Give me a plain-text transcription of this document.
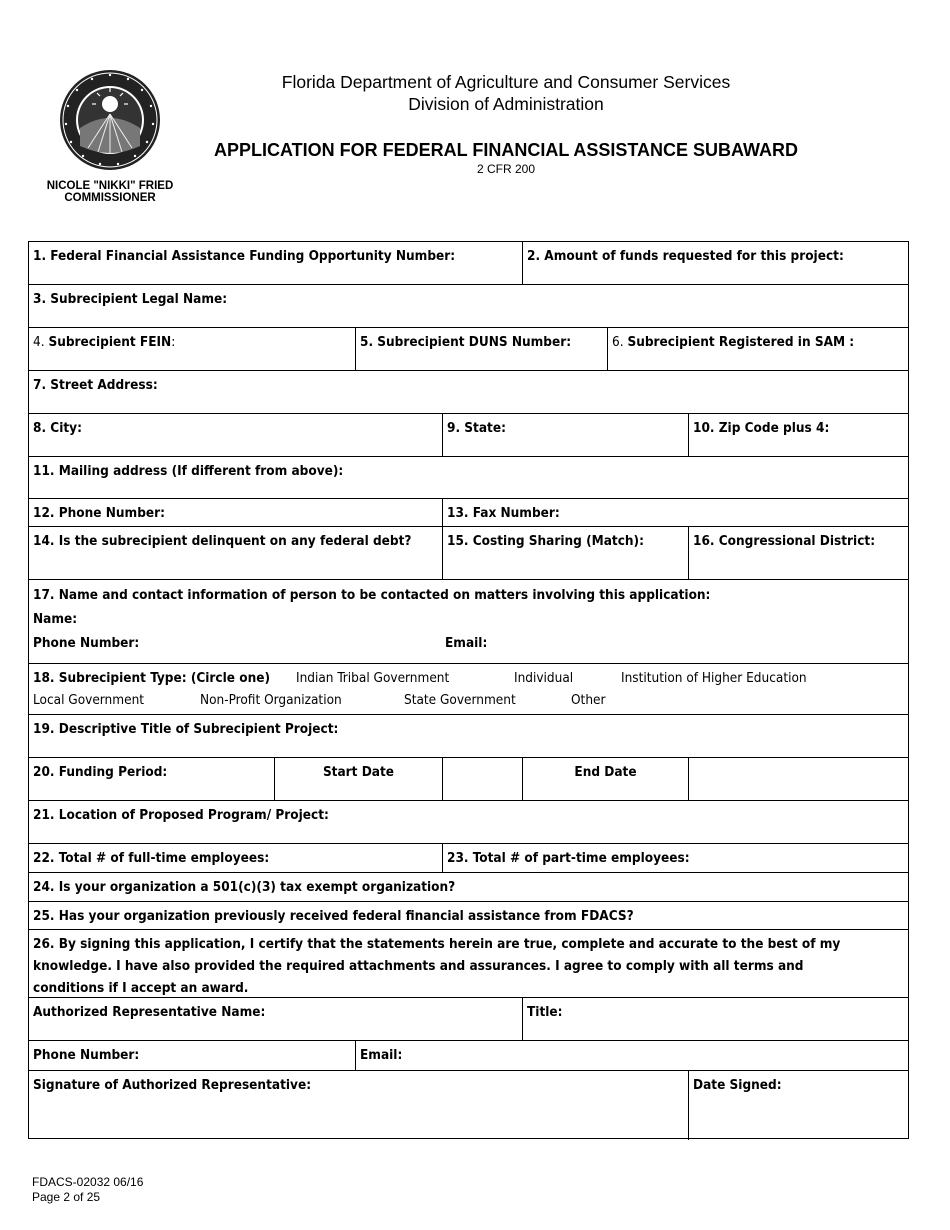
NICOLE "NIKKI" FRIED
COMMISSIONER
Florida Department of Agriculture and Consumer Services
Division of Administration
APPLICATION FOR FEDERAL FINANCIAL ASSISTANCE SUBAWARD
2 CFR 200
1. Federal Financial Assistance Funding Opportunity Number:	2. Amount of funds requested for this project:
3. Subrecipient Legal Name:
4. Subrecipient FEIN:	5. Subrecipient DUNS Number:	6. Subrecipient Registered in SAM :
7. Street Address:
8. City:	9. State:	10. Zip Code plus 4:
11. Mailing address (If different from above):
12. Phone Number:	13. Fax Number:
14. Is the subrecipient delinquent on any federal debt?	15. Costing Sharing (Match):	16. Congressional District:
17. Name and contact information of person to be contacted on matters involving this application:
Name:
Phone Number:	Email:
18. Subrecipient Type: (Circle one) Indian Tribal Government	Individual	Institution of Higher Education
Local Government	Non-Profit Organization	State Government	Other
19. Descriptive Title of Subrecipient Project:
20. Funding Period:	Start Date	End Date
21. Location of Proposed Program/ Project:
22. Total # of full-time employees:	23. Total # of part-time employees:
24. Is your organization a 501(c)(3) tax exempt organization?
25. Has your organization previously received federal financial assistance from FDACS?
26. By signing this application, I certify that the statements herein are true, complete and accurate to the best of my
knowledge. I have also provided the required attachments and assurances. I agree to comply with all terms and
conditions if I accept an award.
Authorized Representative Name:	Title:
Phone Number:	Email:
Signature of Authorized Representative:	Date Signed:
FDACS-02032 06/16
Page 2 of 25
